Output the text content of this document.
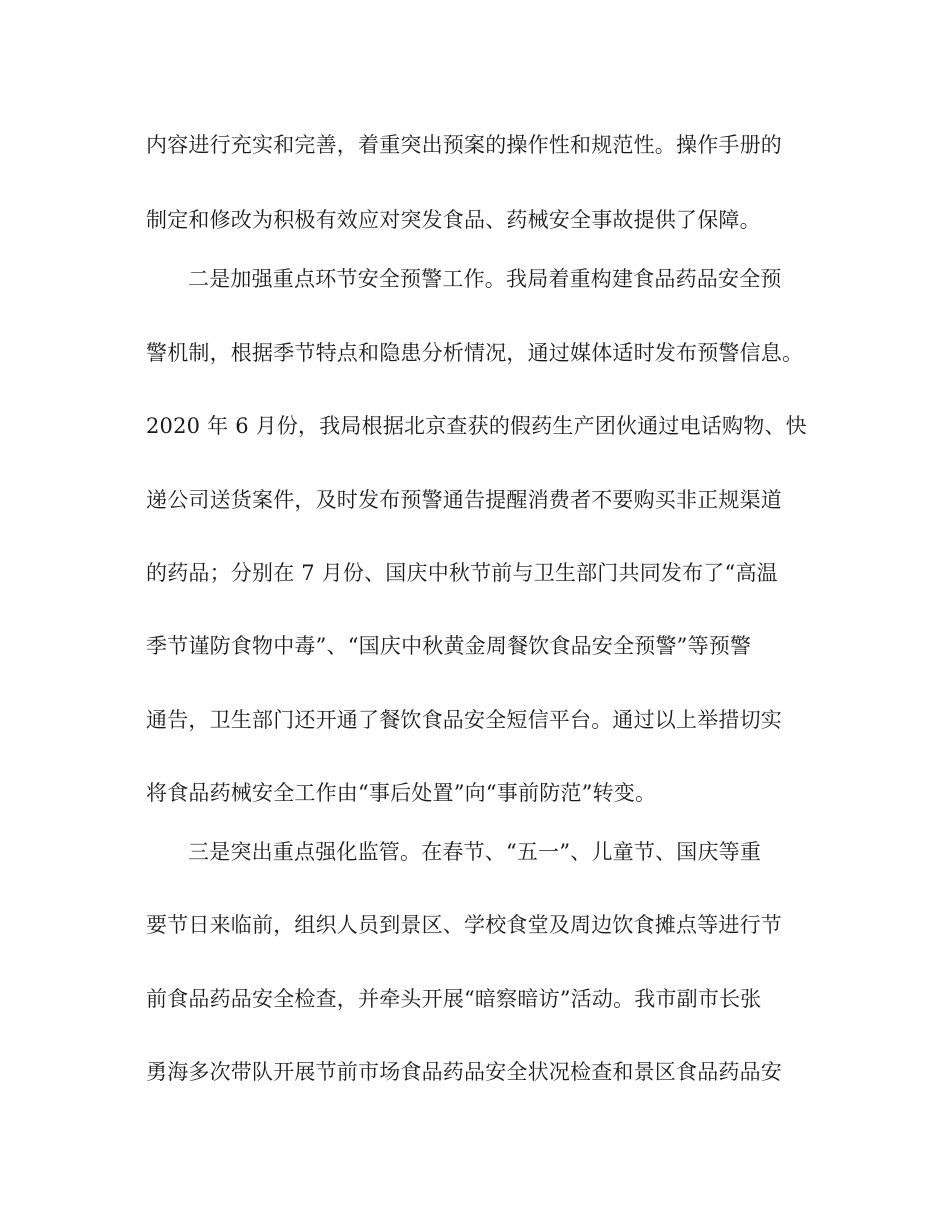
内容进行充实和完善，着重突出预案的操作性和规范性。操作手册的
制定和修改为积极有效应对突发食品、药械安全事故提供了保障。
二是加强重点环节安全预警工作。我局着重构建食品药品安全预
警机制，根据季节特点和隐患分析情况，通过媒体适时发布预警信息。
2020 年 6 月份，我局根据北京查获的假药生产团伙通过电话购物、快
递公司送货案件，及时发布预警通告提醒消费者不要购买非正规渠道
的药品；分别在 7 月份、国庆中秋节前与卫生部门共同发布了“高温
季节谨防食物中毒”、“国庆中秋黄金周餐饮食品安全预警”等预警
通告，卫生部门还开通了餐饮食品安全短信平台。通过以上举措切实
将食品药械安全工作由“事后处置”向“事前防范”转变。
三是突出重点强化监管。在春节、“五一”、儿童节、国庆等重
要节日来临前，组织人员到景区、学校食堂及周边饮食摊点等进行节
前食品药品安全检查，并牵头开展“暗察暗访”活动。我市副市长张
勇海多次带队开展节前市场食品药品安全状况检查和景区食品药品安
